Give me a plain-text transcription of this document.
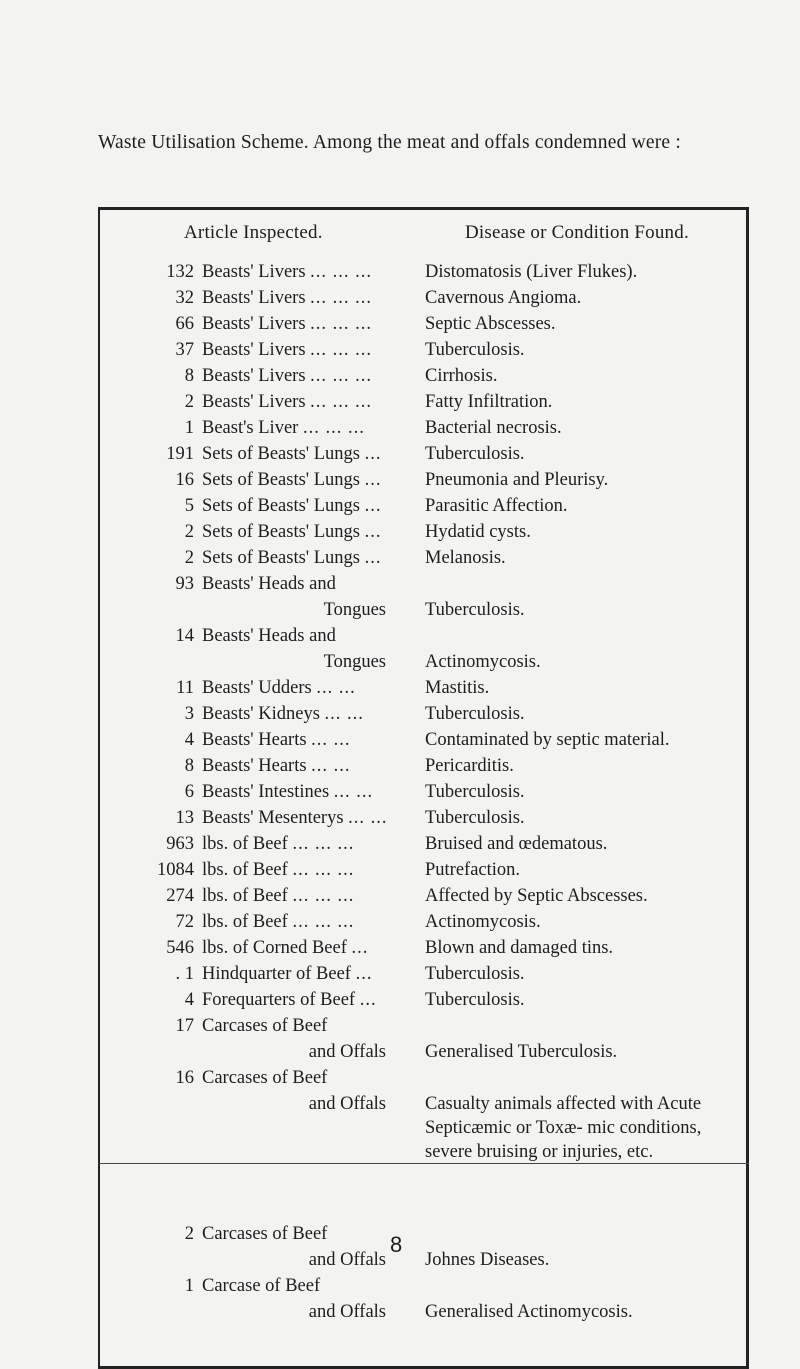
Waste Utilisation Scheme. Among the meat and offals condemned were :
Article Inspected.	Disease or Condition Found.
132 Beasts' Livers ... ... ...	Distomatosis (Liver Flukes).
32 Beasts' Livers ... ... ...	Cavernous Angioma.
66 Beasts' Livers ... ... ...	Septic Abscesses.
37 Beasts' Livers ... ... ...	Tuberculosis.
8 Beasts' Livers ... ... ...	Cirrhosis.
2 Beasts' Livers ... ... ...	Fatty Infiltration.
1 Beast's Liver ... ... ...	Bacterial necrosis.
191 Sets of Beasts' Lungs ... Tuberculosis.
16 Sets of Beasts' Lungs ... Pneumonia and Pleurisy.
5 Sets of Beasts' Lungs ... Parasitic Affection.
2 Sets of Beasts' Lungs ... Hydatid cysts.
2 Sets of Beasts' Lungs ... Melanosis.
93 Beasts' Heads and
Tongues Tuberculosis.
14 Beasts' Heads and
Tongues Actinomycosis.
11 Beasts' Udders ... ...	Mastitis.
3 Beasts' Kidneys ... ...	Tuberculosis.
4 Beasts' Hearts ... ...	Contaminated by septic material.
8 Beasts' Hearts ... ...	Pericarditis.
6 Beasts' Intestines ... ...	Tuberculosis.
13 Beasts' Mesenterys ... ... Tuberculosis.
963 lbs. of Beef ... ... ...	Bruised and œdematous.
1084 lbs. of Beef ... ... ...	Putrefaction.
274 lbs. of Beef ... ... ...	Affected by Septic Abscesses.
72 lbs. of Beef ... ... ...	Actinomycosis.
546 lbs. of Corned Beef ...	Blown and damaged tins.
. 1 Hindquarter of Beef ...	Tuberculosis.
4 Forequarters of Beef ...	Tuberculosis.
17 Carcases of Beef
and Offals Generalised Tuberculosis.
16 Carcases of Beef
and Offals Casualty animals affected with Acute Septicæmic or Toxæ- mic conditions, severe bruising or injuries, etc.
2 Carcases of Beef
and Offals Johnes Diseases.
1 Carcase of Beef
and Offals Generalised Actinomycosis.
8
